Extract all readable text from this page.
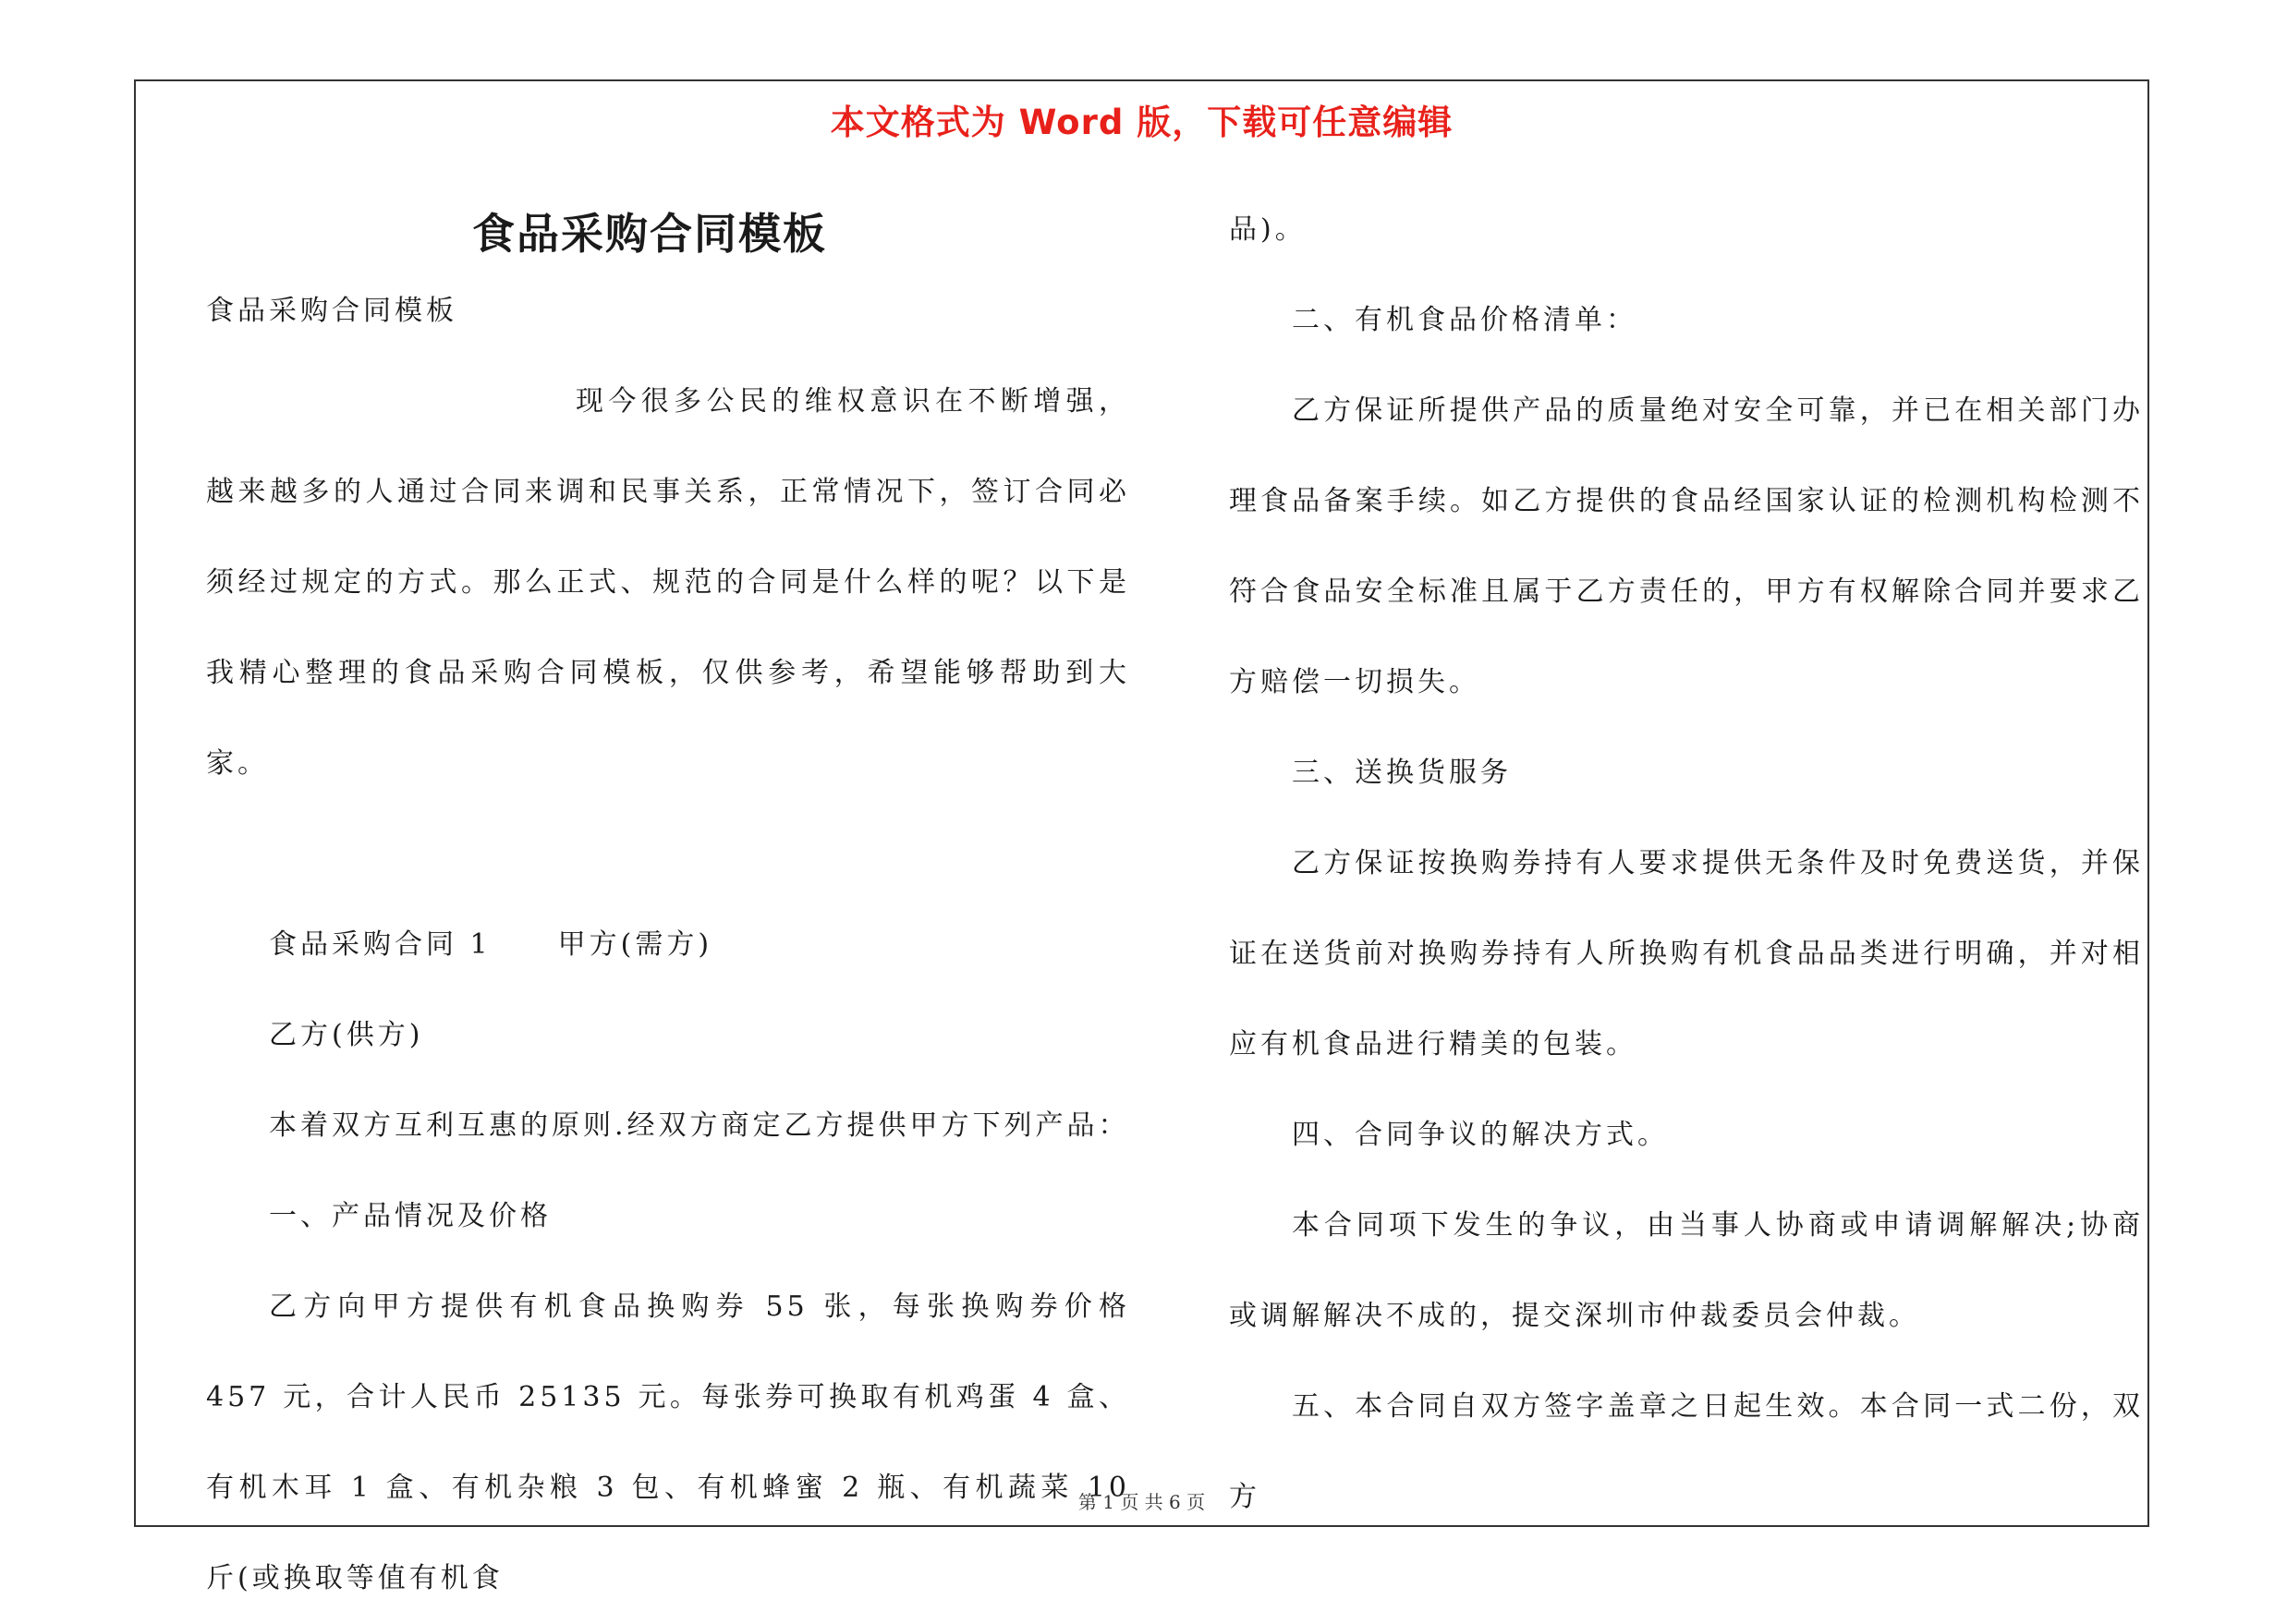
本文格式为 Word 版，下载可任意编辑
食品采购合同模板

食品采购合同模板

现今很多公民的维权意识在不断增强，越来越多的人通过合同来调和民事关系，正常情况下，签订合同必须经过规定的方式。那么正式、规范的合同是什么样的呢？以下是我精心整理的食品采购合同模板，仅供参考，希望能够帮助到大家。

食品采购合同 1 甲方(需方)

乙方(供方)

本着双方互利互惠的原则.经双方商定乙方提供甲方下列产品：

一、产品情况及价格

乙方向甲方提供有机食品换购券 55 张，每张换购券价格 457 元，合计人民币 25135 元。每张券可换取有机鸡蛋 4 盒、有机木耳 1 盒、有机杂粮 3 包、有机蜂蜜 2 瓶、有机蔬菜 10 斤(或换取等值有机食

品)。

二、有机食品价格清单：

乙方保证所提供产品的质量绝对安全可靠，并已在相关部门办理食品备案手续。如乙方提供的食品经国家认证的检测机构检测不符合食品安全标准且属于乙方责任的，甲方有权解除合同并要求乙方赔偿一切损失。

三、送换货服务

乙方保证按换购券持有人要求提供无条件及时免费送货，并保证在送货前对换购券持有人所换购有机食品品类进行明确，并对相应有机食品进行精美的包装。

四、合同争议的解决方式。

本合同项下发生的争议，由当事人协商或申请调解解决;协商或调解解决不成的，提交深圳市仲裁委员会仲裁。

五、本合同自双方签字盖章之日起生效。本合同一式二份，双方

第 1 页 共 6 页
